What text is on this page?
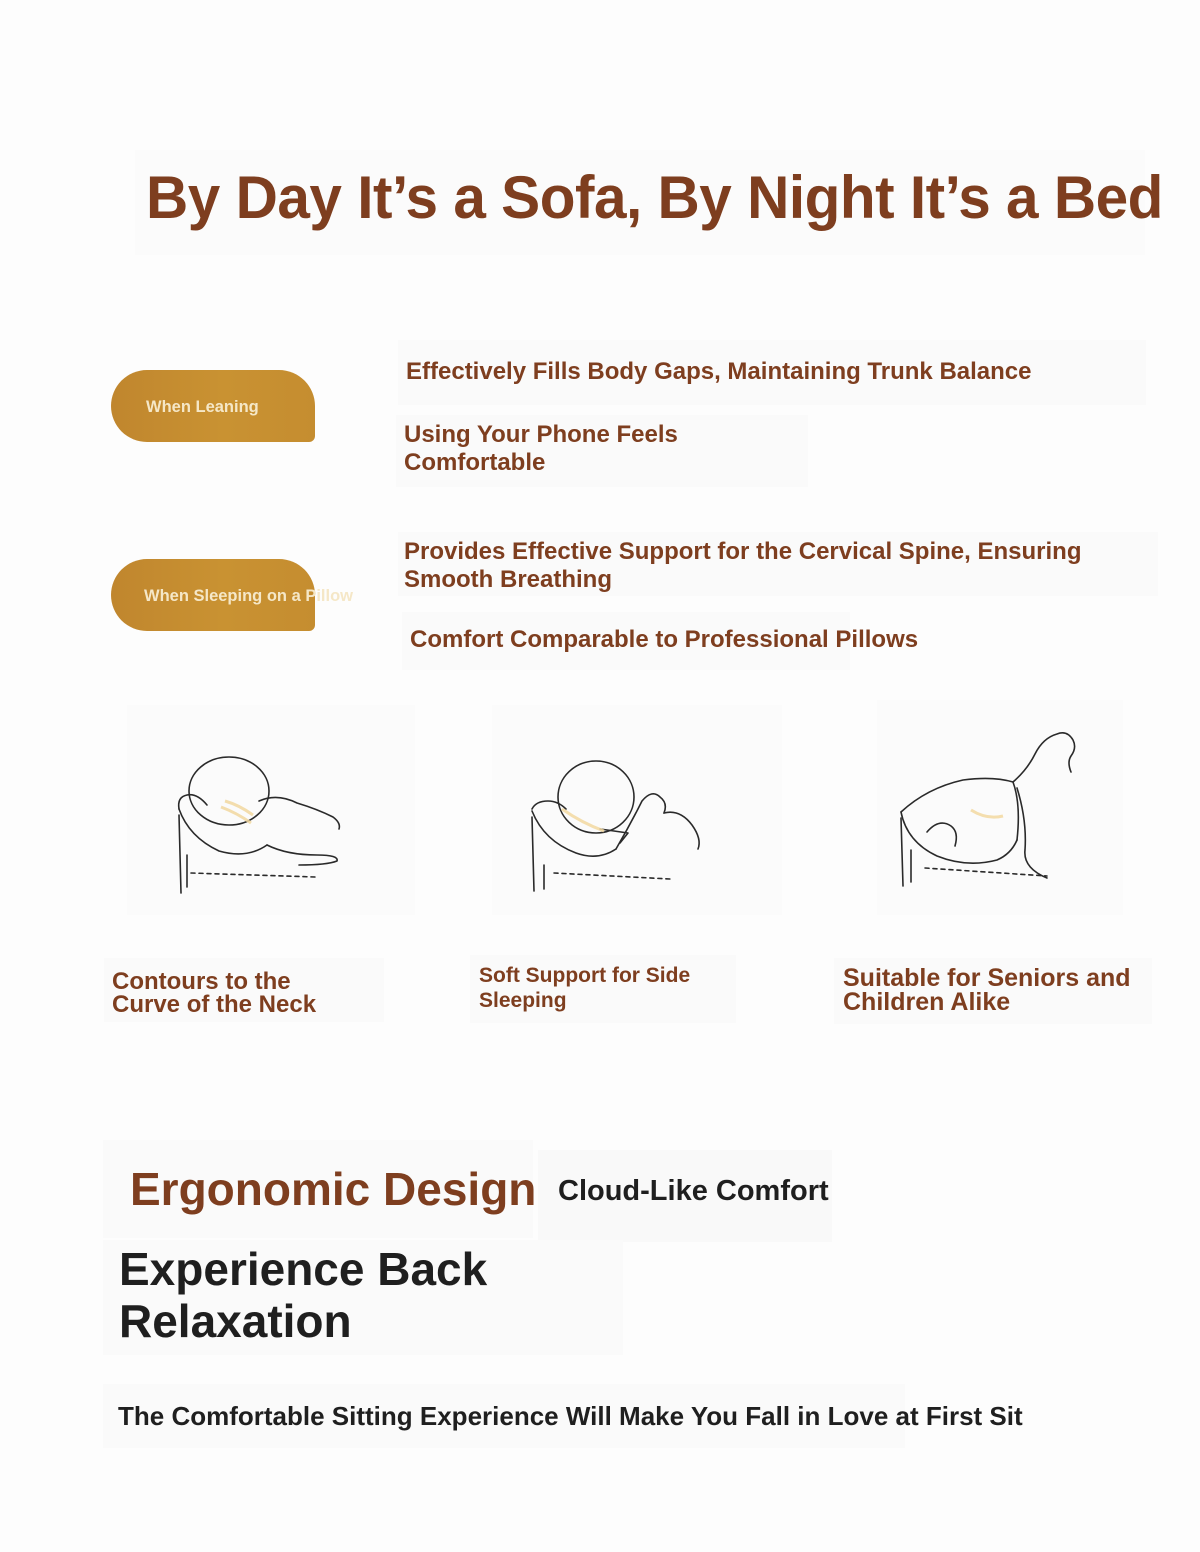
By Day It’s a Sofa, By Night It’s a Bed
When Leaning
Effectively Fills Body Gaps, Maintaining Trunk Balance
Using Your Phone Feels
Comfortable
When Sleeping on a Pillow
Provides Effective Support for the Cervical Spine, Ensuring
Smooth Breathing
Comfort Comparable to Professional Pillows
Contours to the
Curve of the Neck
Soft Support for Side
Sleeping
Suitable for Seniors and
Children Alike
Ergonomic Design Cloud-Like Comfort
Experience Back
Relaxation
The Comfortable Sitting Experience Will Make You Fall in Love at First Sit
